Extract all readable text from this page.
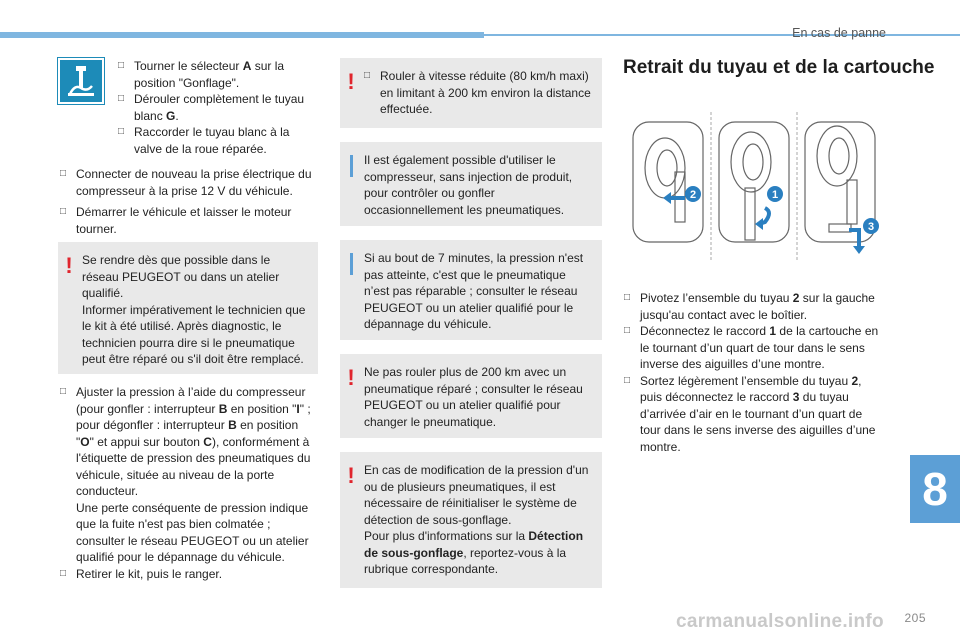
En cas de panne
□ Tourner le sélecteur A sur la position "Gonflage".
□ Dérouler complètement le tuyau blanc G.
□ Raccorder le tuyau blanc à la valve de la roue réparée.
□ Connecter de nouveau la prise électrique du compresseur à la prise 12 V du véhicule.
□ Démarrer le véhicule et laisser le moteur tourner.
! Se rendre dès que possible dans le réseau PEUGEOT ou dans un atelier qualifié.
Informer impérativement le technicien que le kit à été utilisé. Après diagnostic, le technicien pourra dire si le pneumatique peut être réparé ou s'il doit être remplacé.
□ Ajuster la pression à l’aide du compresseur (pour gonfler : interrupteur B en position "I" ; pour dégonfler : interrupteur B en position "O" et appui sur bouton C), conformément à l'étiquette de pression des pneumatiques du véhicule, située au niveau de la porte conducteur.
Une perte conséquente de pression indique que la fuite n'est pas bien colmatée ; consulter le réseau PEUGEOT ou un atelier qualifié pour le dépannage du véhicule.
□ Retirer le kit, puis le ranger.
! □ Rouler à vitesse réduite (80 km/h maxi) en limitant à 200 km environ la distance effectuée.
Il est également possible d'utiliser le compresseur, sans injection de produit, pour contrôler ou gonfler occasionnellement les pneumatiques.
Si au bout de 7 minutes, la pression n'est pas atteinte, c'est que le pneumatique n’est pas réparable ; consulter le réseau PEUGEOT ou un atelier qualifié pour le dépannage du véhicule.
! Ne pas rouler plus de 200 km avec un pneumatique réparé ; consulter le réseau PEUGEOT ou un atelier qualifié pour changer le pneumatique.
! En cas de modification de la pression d'un ou de plusieurs pneumatiques, il est nécessaire de réinitialiser le système de détection de sous-gonflage.
Pour plus d'informations sur la Détection de sous-gonflage, reportez-vous à la rubrique correspondante.
Retrait du tuyau et de la cartouche
2	1
3
□ Pivotez l’ensemble du tuyau 2 sur la gauche jusqu'au contact avec le boîtier.
□ Déconnectez le raccord 1 de la cartouche en le tournant d’un quart de tour dans le sens inverse des aiguilles d’une montre.
□ Sortez légèrement l’ensemble du tuyau 2, puis déconnectez le raccord 3 du tuyau d’arrivée d’air en le tournant d’un quart de tour dans le sens inverse des aiguilles d’une montre.
8
carmanualsonline.info 205
